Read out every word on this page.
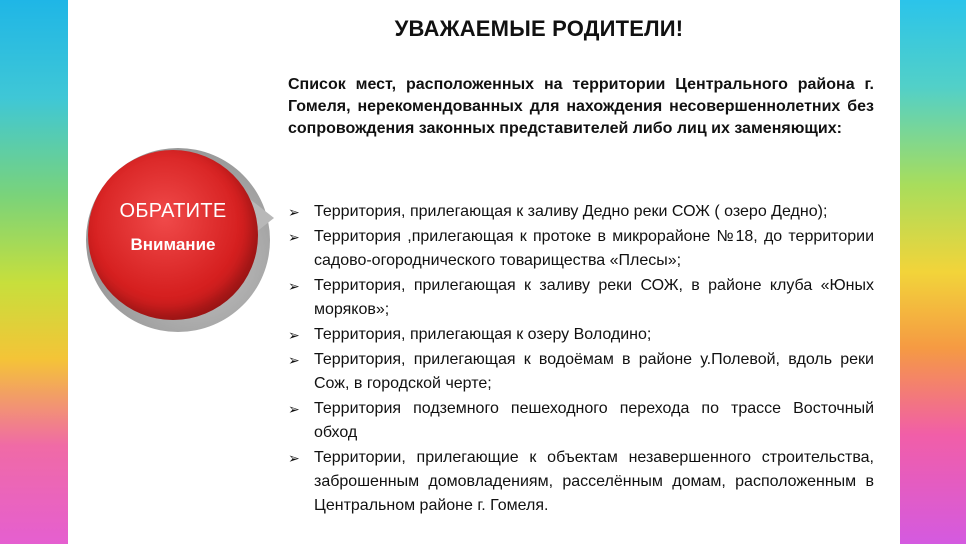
УВАЖАЕМЫЕ РОДИТЕЛИ!
ОБРАТИТЕ
Внимание
Список мест, расположенных на территории Центрального района г. Гомеля, нерекомендованных для нахождения несовершеннолетних без сопровождения законных представителей либо лиц их заменяющих:
➢ Территория, прилегающая к заливу Дедно реки СОЖ ( озеро Дедно);
➢ Территория ,прилегающая к протоке в микрорайоне №18, до территории садово-огороднического товарищества «Плесы»;
➢ Территория, прилегающая к заливу реки СОЖ, в районе клуба «Юных моряков»;
➢ Территория, прилегающая к озеру Володино;
➢ Территория, прилегающая к водоёмам в районе у.Полевой, вдоль реки Сож, в городской черте;
➢ Территория подземного пешеходного перехода по трассе Восточный обход
➢ Территории, прилегающие к объектам незавершенного строительства, заброшенным домовладениям, расселённым домам, расположенным в Центральном районе г. Гомеля.
